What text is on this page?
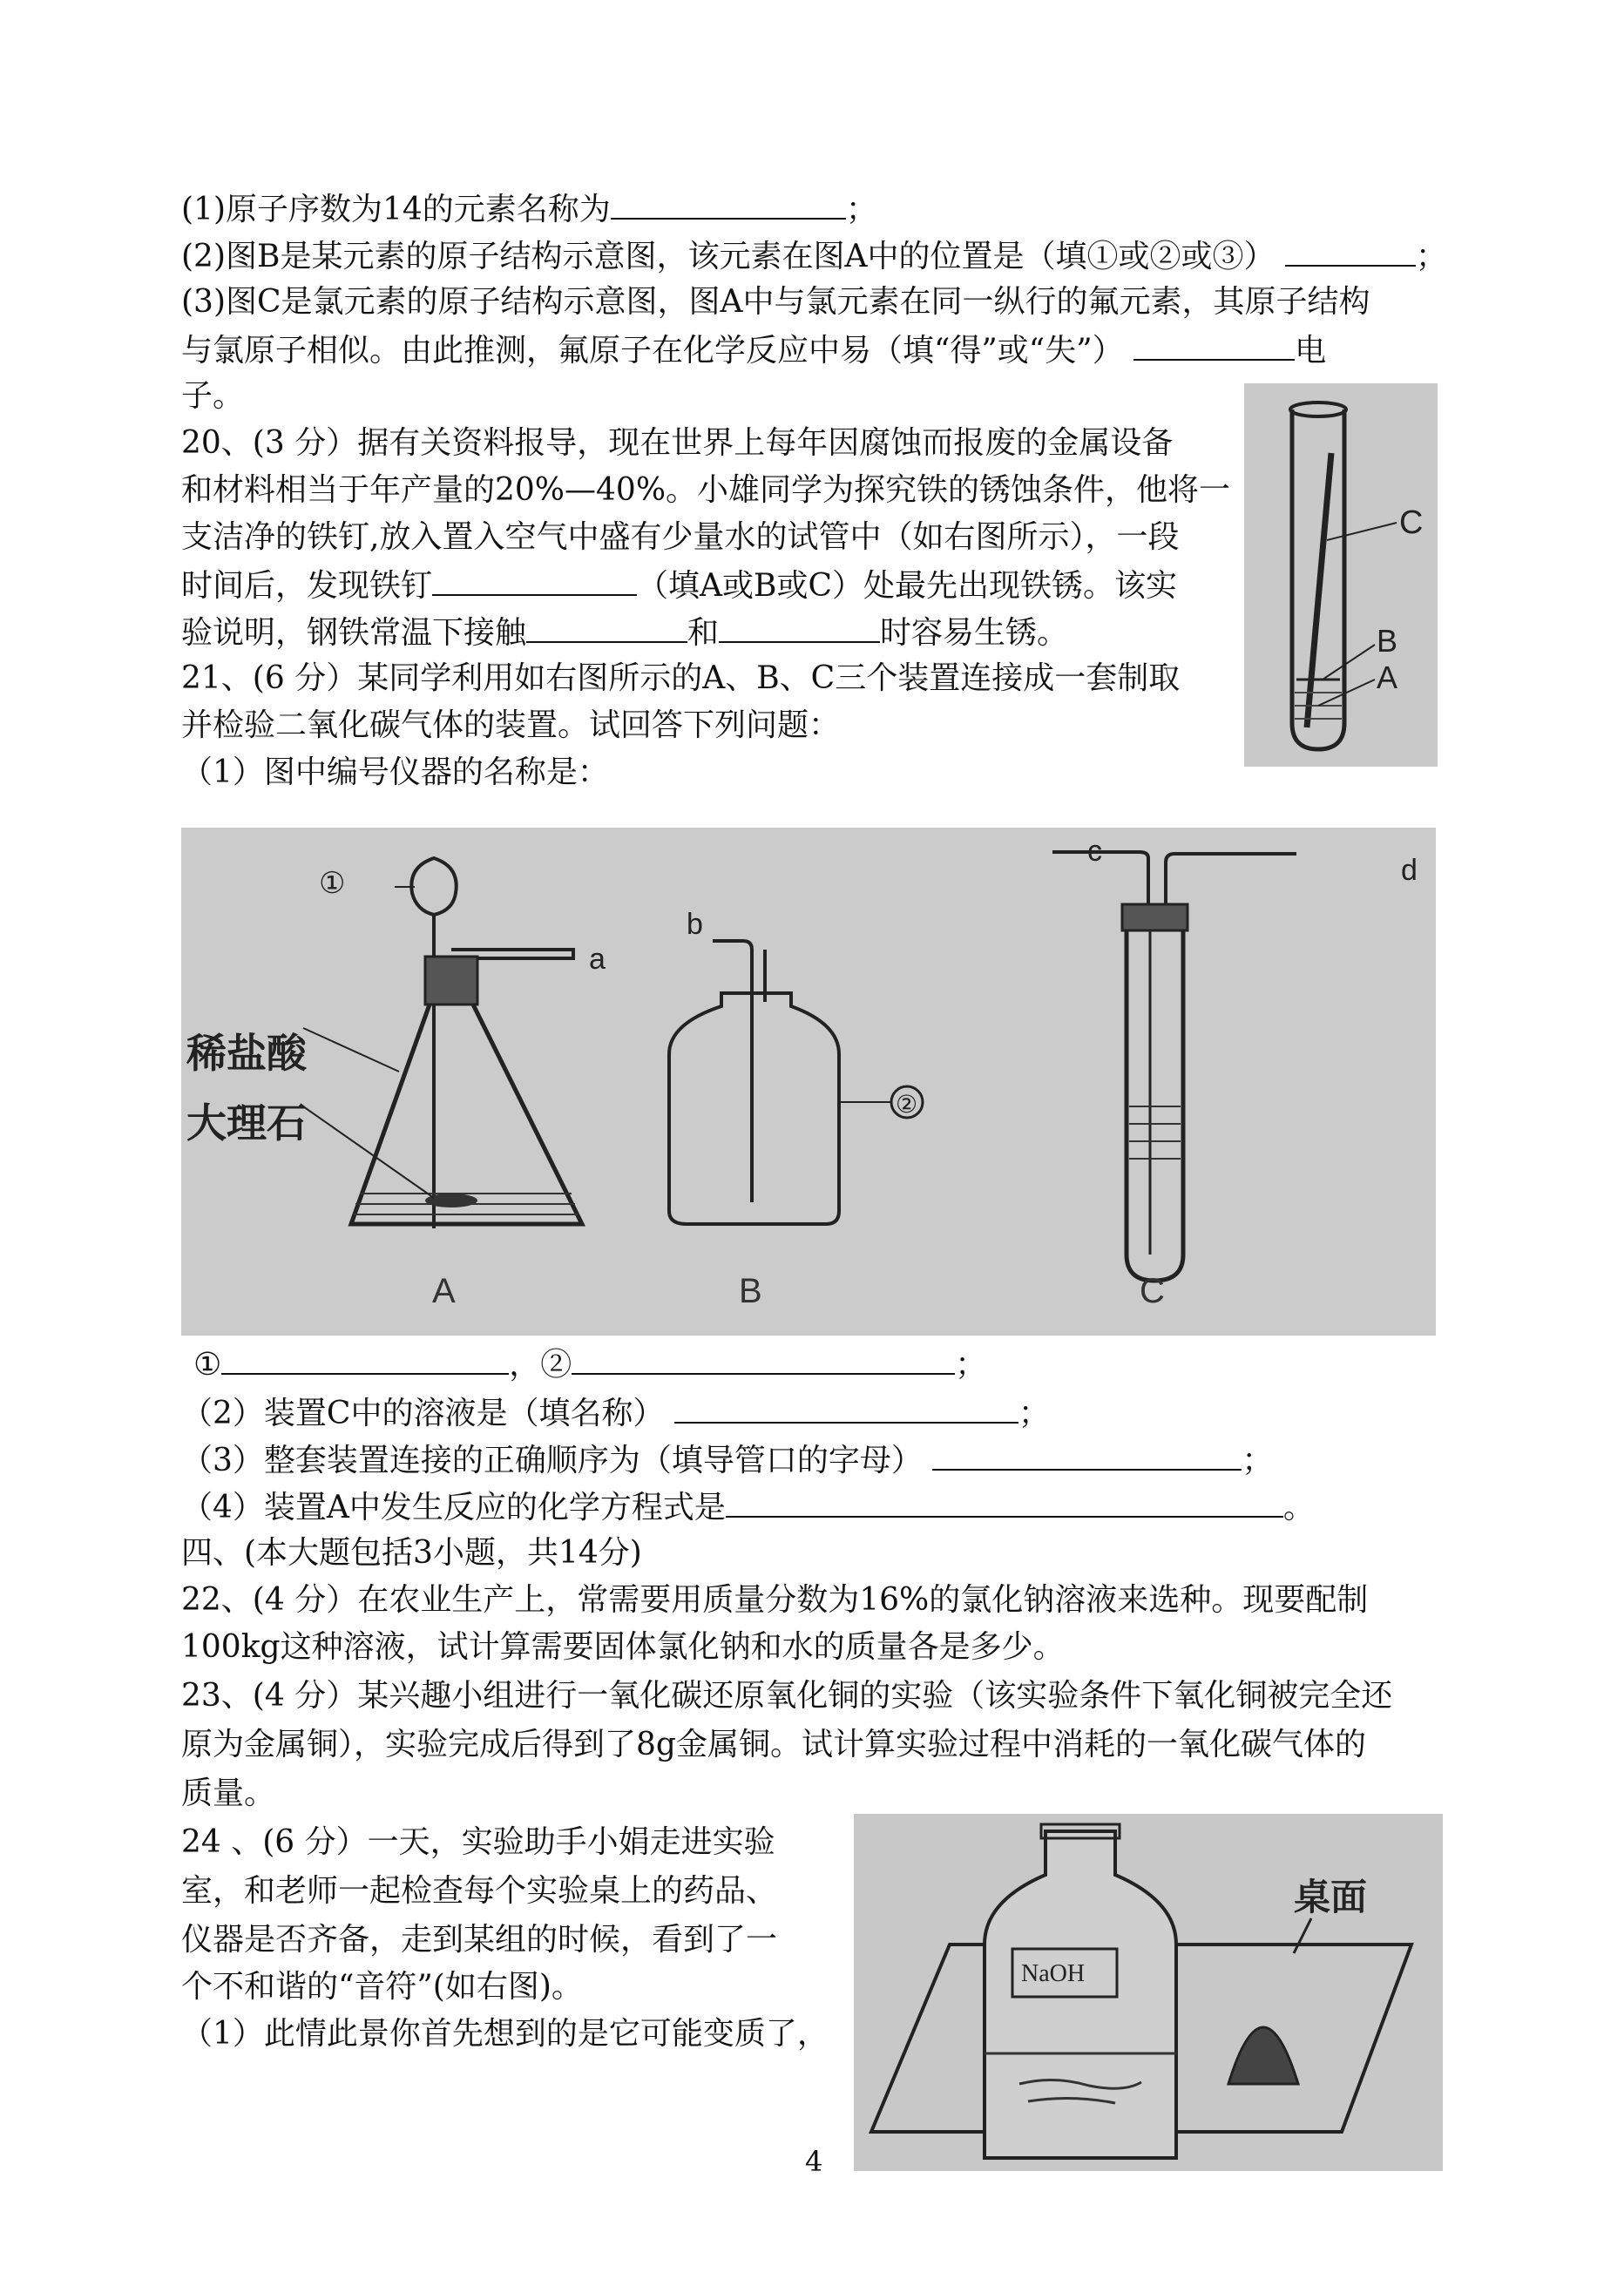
(1)原子序数为14的元素名称为	；
(2)图B是某元素的原子结构示意图，该元素在图A中的位置是（填①或②或③）	；
(3)图C是氯元素的原子结构示意图，图A中与氯元素在同一纵行的氟元素，其原子结构
与氯原子相似。由此推测，氟原子在化学反应中易（填“得”或“失”）	电
子。
20、(3 分）据有关资料报导，现在世界上每年因腐蚀而报废的金属设备
和材料相当于年产量的20%—40%。小雄同学为探究铁的锈蚀条件，他将一
支洁净的铁钉,放入置入空气中盛有少量水的试管中（如右图所示），一段
时间后，发现铁钉	（填A或B或C）处最先出现铁锈。该实
验说明，钢铁常温下接触	和	时容易生锈。
21、(6 分）某同学利用如右图所示的A、B、C三个装置连接成一套制取
并检验二氧化碳气体的装置。试回答下列问题：
（1）图中编号仪器的名称是：
①	，②	；
（2）装置C中的溶液是（填名称）	；
（3）整套装置连接的正确顺序为（填导管口的字母）	；
（4）装置A中发生反应的化学方程式是	。
四、(本大题包括3小题，共14分)
22、(4 分）在农业生产上，常需要用质量分数为16%的氯化钠溶液来选种。现要配制
100kg这种溶液，试计算需要固体氯化钠和水的质量各是多少。
23、(4 分）某兴趣小组进行一氧化碳还原氧化铜的实验（该实验条件下氧化铜被完全还
原为金属铜），实验完成后得到了8g金属铜。试计算实验过程中消耗的一氧化碳气体的
质量。
24 、(6 分）一天，实验助手小娟走进实验
室，和老师一起检查每个实验桌上的药品、
仪器是否齐备，走到某组的时候，看到了一
个不和谐的“音符”(如右图)。
（1）此情此景你首先想到的是它可能变质了，
C
B
A
①
a
稀盐酸
大理石
A
②
b
B
c
d
C
NaOH
桌面
4
